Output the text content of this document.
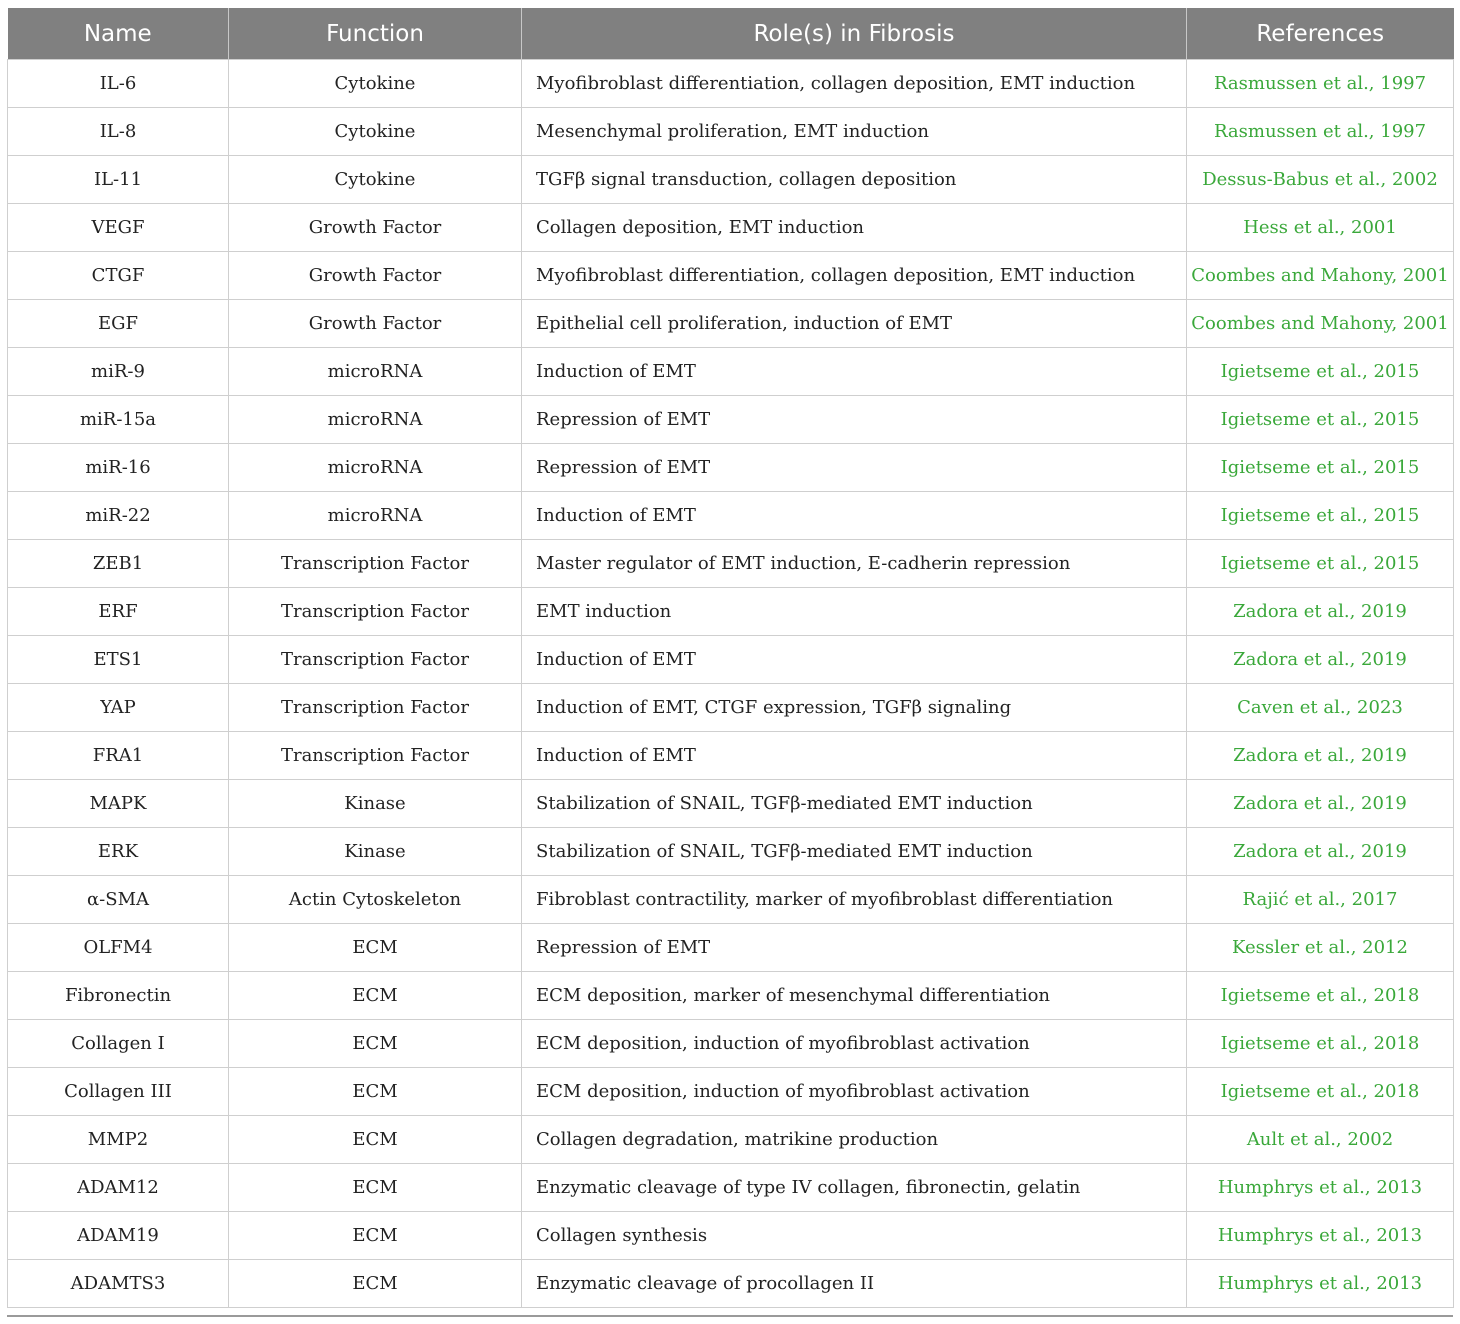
Name	Function	Role(s) in Fibrosis	References
IL-6	Cytokine	Myofibroblast differentiation, collagen deposition, EMT induction	Rasmussen et al., 1997
IL-8	Cytokine	Mesenchymal proliferation, EMT induction	Rasmussen et al., 1997
IL-11	Cytokine	TGFβ signal transduction, collagen deposition	Dessus-Babus et al., 2002
VEGF	Growth Factor	Collagen deposition, EMT induction	Hess et al., 2001
CTGF	Growth Factor	Myofibroblast differentiation, collagen deposition, EMT induction	Coombes and Mahony, 2001
EGF	Growth Factor	Epithelial cell proliferation, induction of EMT	Coombes and Mahony, 2001
miR-9	microRNA	Induction of EMT	Igietseme et al., 2015
miR-15a	microRNA	Repression of EMT	Igietseme et al., 2015
miR-16	microRNA	Repression of EMT	Igietseme et al., 2015
miR-22	microRNA	Induction of EMT	Igietseme et al., 2015
ZEB1	Transcription Factor	Master regulator of EMT induction, E-cadherin repression	Igietseme et al., 2015
ERF	Transcription Factor	EMT induction	Zadora et al., 2019
ETS1	Transcription Factor	Induction of EMT	Zadora et al., 2019
YAP	Transcription Factor	Induction of EMT, CTGF expression, TGFβ signaling	Caven et al., 2023
FRA1	Transcription Factor	Induction of EMT	Zadora et al., 2019
MAPK	Kinase	Stabilization of SNAIL, TGFβ-mediated EMT induction	Zadora et al., 2019
ERK	Kinase	Stabilization of SNAIL, TGFβ-mediated EMT induction	Zadora et al., 2019
α-SMA	Actin Cytoskeleton	Fibroblast contractility, marker of myofibroblast differentiation	Rajić et al., 2017
OLFM4	ECM	Repression of EMT	Kessler et al., 2012
Fibronectin	ECM	ECM deposition, marker of mesenchymal differentiation	Igietseme et al., 2018
Collagen I	ECM	ECM deposition, induction of myofibroblast activation	Igietseme et al., 2018
Collagen III	ECM	ECM deposition, induction of myofibroblast activation	Igietseme et al., 2018
MMP2	ECM	Collagen degradation, matrikine production	Ault et al., 2002
ADAM12	ECM	Enzymatic cleavage of type IV collagen, fibronectin, gelatin	Humphrys et al., 2013
ADAM19	ECM	Collagen synthesis	Humphrys et al., 2013
ADAMTS3	ECM	Enzymatic cleavage of procollagen II	Humphrys et al., 2013
